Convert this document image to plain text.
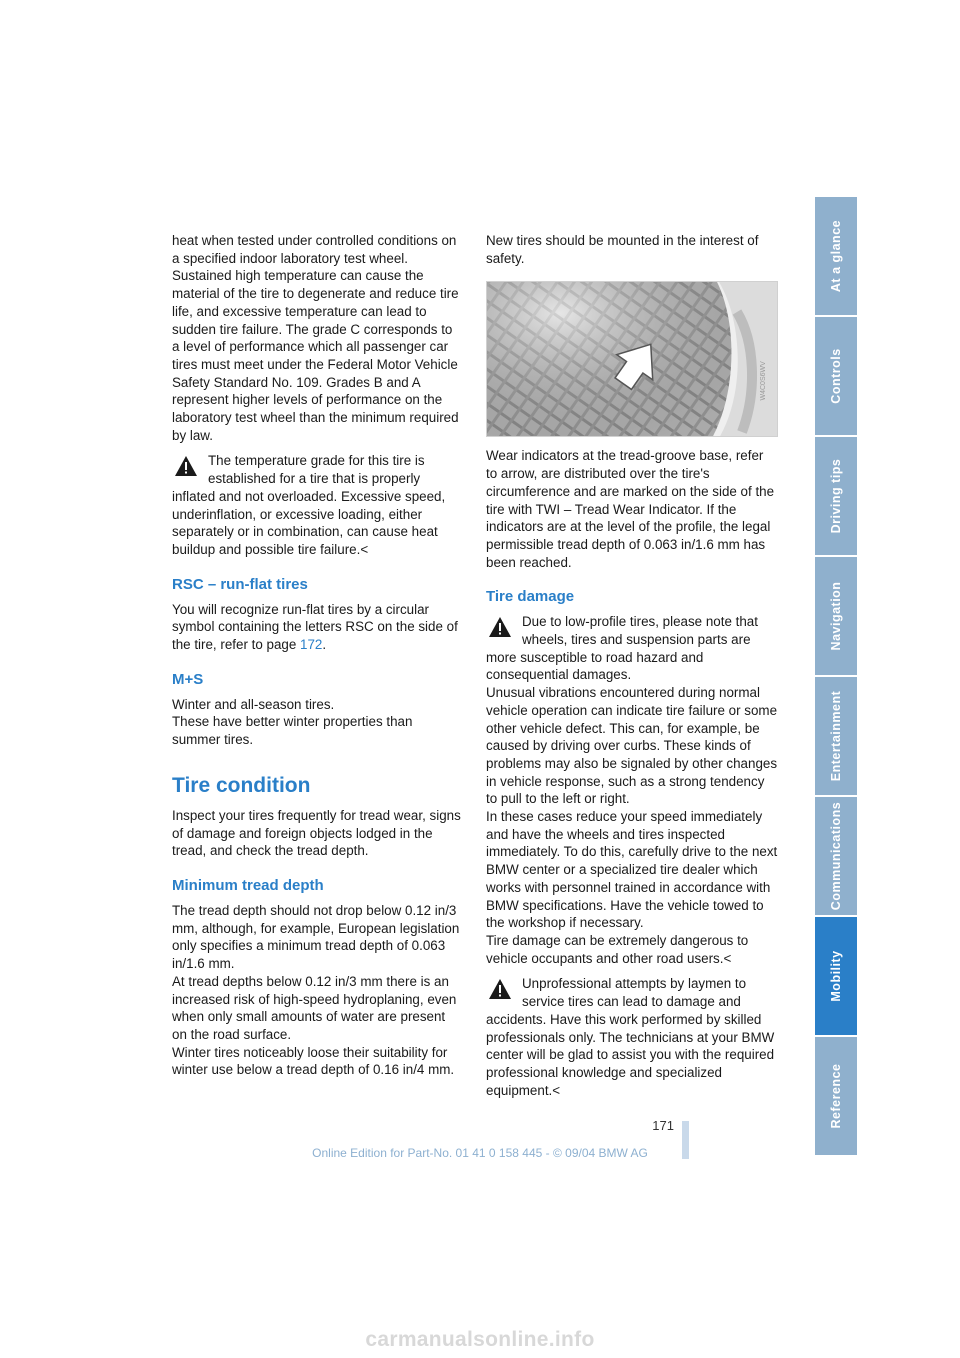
heat when tested under controlled conditions on a specified indoor laboratory test wheel. Sustained high temperature can cause the material of the tire to degenerate and reduce tire life, and excessive temperature can lead to sudden tire failure. The grade C corresponds to a level of performance which all passenger car tires must meet under the Federal Motor Vehicle Safety Standard No. 109. Grades B and A represent higher levels of performance on the laboratory test wheel than the minimum required by law.

The temperature grade for this tire is established for a tire that is properly inflated and not overloaded. Excessive speed, underinflation, or excessive loading, either separately or in combination, can cause heat buildup and possible tire failure.<
RSC – run-flat tires

You will recognize run-flat tires by a circular symbol containing the letters RSC on the side of the tire, refer to page 172.

M+S

Winter and all-season tires.
These have better winter properties than summer tires.

Tire condition

Inspect your tires frequently for tread wear, signs of damage and foreign objects lodged in the tread, and check the tread depth.

Minimum tread depth

The tread depth should not drop below 0.12 in/3 mm, although, for example, European legislation only specifies a minimum tread depth of 0.063 in/1.6 mm.
At tread depths below 0.12 in/3 mm there is an increased risk of high-speed hydroplaning, even when only small amounts of water are present on the road surface.
Winter tires noticeably loose their suitability for winter use below a tread depth of 0.16 in/4 mm.

New tires should be mounted in the interest of safety.

W4C0S6WV

Wear indicators at the tread-groove base, refer to arrow, are distributed over the tire's circumference and are marked on the side of the tire with TWI – Tread Wear Indicator. If the indicators are at the level of the profile, the legal permissible tread depth of 0.063 in/1.6 mm has been reached.

Tire damage
Due to low-profile tires, please note that wheels, tires and suspension parts are more susceptible to road hazard and consequential damages.
Unusual vibrations encountered during normal vehicle operation can indicate tire failure or some other vehicle defect. This can, for example, be caused by driving over curbs. These kinds of problems may also be signaled by other changes in vehicle response, such as a strong tendency to pull to the left or right.
In these cases reduce your speed immediately and have the wheels and tires inspected immediately. To do this, carefully drive to the next BMW center or a specialized tire dealer which works with personnel trained in accordance with BMW specifications. Have the vehicle towed to the workshop if necessary.

Tire damage can be extremely dangerous to vehicle occupants and other road users.<

Unprofessional attempts by laymen to service tires can lead to damage and accidents. Have this work performed by skilled professionals only. The technicians at your BMW center will be glad to assist you with the required professional knowledge and specialized equipment.<
At a glance
Controls
Driving tips
Navigation
Entertainment
Communications
Mobility
Reference
171
Online Edition for Part-No. 01 41 0 158 445 - © 09/04 BMW AG
carmanualsonline.info
